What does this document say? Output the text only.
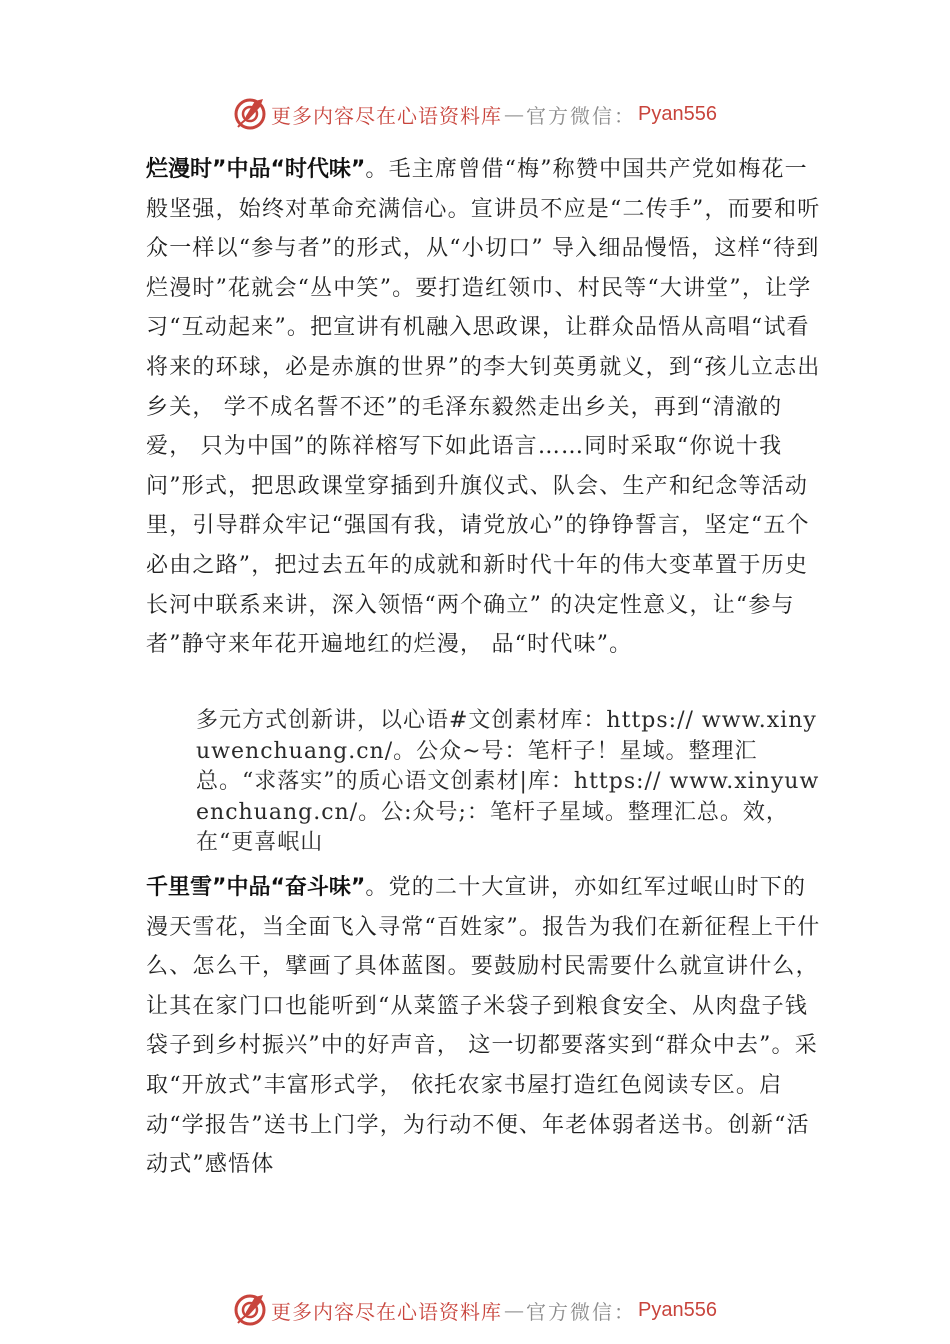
更多内容尽在心语资料库 — 官方微信： Pyan556
烂漫时”中品“时代味”。毛主席曾借“梅”称赞中国共产党如梅花一般坚强，始终对革命充满信心。宣讲员不应是“二传手”，而要和听众一样以“参与者”的形式，从“小切口” 导入细品慢悟，这样“待到烂漫时”花就会“丛中笑”。要打造红领巾、村民等“大讲堂”，让学习“互动起来”。把宣讲有机融入思政课，让群众品悟从高唱“试看将来的环球，必是赤旗的世界”的李大钊英勇就义，到“孩儿立志出乡关， 学不成名誓不还”的毛泽东毅然走出乡关，再到“清澈的爱， 只为中国”的陈祥榕写下如此语言……同时采取“你说十我问”形式，把思政课堂穿插到升旗仪式、队会、生产和纪念等活动里，引导群众牢记“强国有我，请党放心”的铮铮誓言，坚定“五个必由之路”，把过去五年的成就和新时代十年的伟大变革置于历史长河中联系来讲，深入领悟“两个确立” 的决定性意义，让“参与者”静守来年花开遍地红的烂漫， 品“时代味”。
多元方式创新讲，以心语#文创素材库：https:// www.xinyuwenchuang.cn/。公众~号：笔杆子！星域。整理汇总。“求落实”的质心语文创素材|库：https:// www.xinyuwenchuang.cn/。公:众号;：笔杆子星域。整理汇总。效，在“更喜岷山
千里雪”中品“奋斗味”。党的二十大宣讲，亦如红军过岷山时下的漫天雪花，当全面飞入寻常“百姓家”。报告为我们在新征程上干什么、怎么干，擘画了具体蓝图。要鼓励村民需要什么就宣讲什么，让其在家门口也能听到“从菜篮子米袋子到粮食安全、从肉盘子钱袋子到乡村振兴”中的好声音， 这一切都要落实到“群众中去”。采取“开放式”丰富形式学， 依托农家书屋打造红色阅读专区。启动“学报告”送书上门学，为行动不便、年老体弱者送书。创新“活动式”感悟体
更多内容尽在心语资料库 — 官方微信： Pyan556
